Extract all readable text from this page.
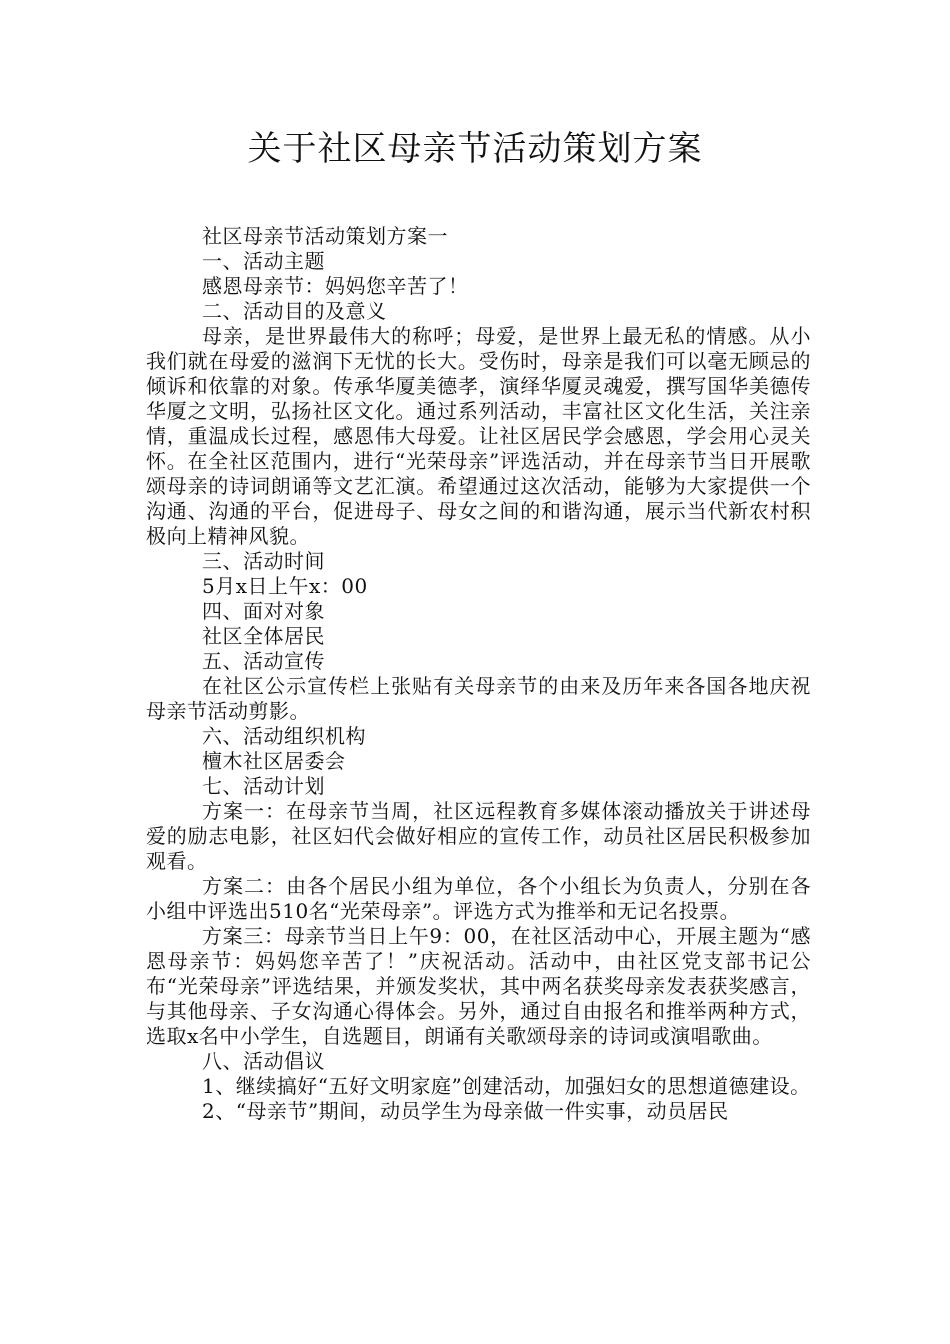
关于社区母亲节活动策划方案

社区母亲节活动策划方案一

一、活动主题

感恩母亲节：妈妈您辛苦了！

二、活动目的及意义

母亲，是世界最伟大的称呼；母爱，是世界上最无私的情感。从小我们就在母爱的滋润下无忧的长大。受伤时，母亲是我们可以毫无顾忌的倾诉和依靠的对象。传承华厦美德孝，演绎华厦灵魂爱，撰写国华美德传华厦之文明，弘扬社区文化。通过系列活动，丰富社区文化生活，关注亲情，重温成长过程，感恩伟大母爱。让社区居民学会感恩，学会用心灵关怀。在全社区范围内，进行“光荣母亲”评选活动，并在母亲节当日开展歌颂母亲的诗词朗诵等文艺汇演。希望通过这次活动，能够为大家提供一个沟通、沟通的平台，促进母子、母女之间的和谐沟通，展示当代新农村积极向上精神风貌。

三、活动时间

5月x日上午x：00

四、面对对象

社区全体居民

五、活动宣传

在社区公示宣传栏上张贴有关母亲节的由来及历年来各国各地庆祝母亲节活动剪影。

六、活动组织机构

檀木社区居委会

七、活动计划

方案一：在母亲节当周，社区远程教育多媒体滚动播放关于讲述母爱的励志电影，社区妇代会做好相应的宣传工作，动员社区居民积极参加观看。

方案二：由各个居民小组为单位，各个小组长为负责人，分别在各小组中评选出510名“光荣母亲”。评选方式为推举和无记名投票。

方案三：母亲节当日上午9：00，在社区活动中心，开展主题为“感恩母亲节：妈妈您辛苦了！”庆祝活动。活动中，由社区党支部书记公布“光荣母亲”评选结果，并颁发奖状，其中两名获奖母亲发表获奖感言，与其他母亲、子女沟通心得体会。另外，通过自由报名和推举两种方式，选取x名中小学生，自选题目，朗诵有关歌颂母亲的诗词或演唱歌曲。

八、活动倡议

1、继续搞好“五好文明家庭”创建活动，加强妇女的思想道德建设。

2、“母亲节”期间，动员学生为母亲做一件实事，动员居民
